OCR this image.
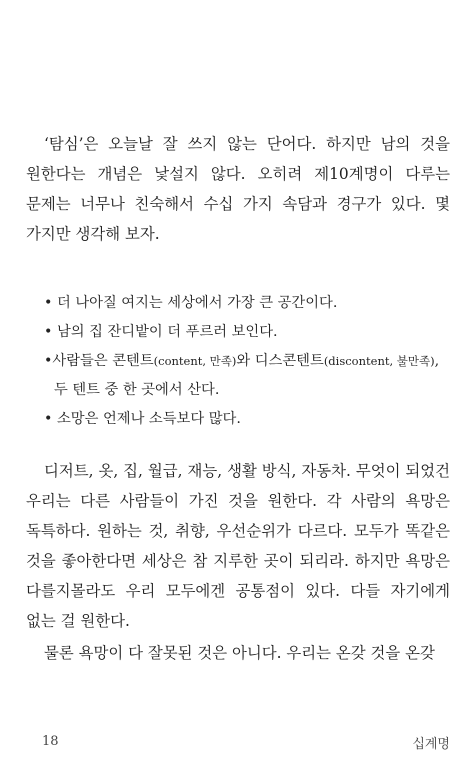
‘탐심’은 오늘날 잘 쓰지 않는 단어다. 하지만 남의 것을 원한다는 개념은 낯설지 않다. 오히려 제10계명이 다루는 문제는 너무나 친숙해서 수십 가지 속담과 경구가 있다. 몇 가지만 생각해 보자.
• 더 나아질 여지는 세상에서 가장 큰 공간이다.
• 남의 집 잔디밭이 더 푸르러 보인다.
•사람들은 콘텐트(content, 만족)와 디스콘텐트(discontent, 불만족),
두 텐트 중 한 곳에서 산다.
• 소망은 언제나 소득보다 많다.
디저트, 옷, 집, 월급, 재능, 생활 방식, 자동차. 무엇이 되었건 우리는 다른 사람들이 가진 것을 원한다. 각 사람의 욕망은 독특하다. 원하는 것, 취향, 우선순위가 다르다. 모두가 똑같은 것을 좋아한다면 세상은 참 지루한 곳이 되리라. 하지만 욕망은 다를지몰라도 우리 모두에겐 공통점이 있다. 다들 자기에게 없는 걸 원한다.
물론 욕망이 다 잘못된 것은 아니다. 우리는 온갖 것을 온갖
18	십계명
